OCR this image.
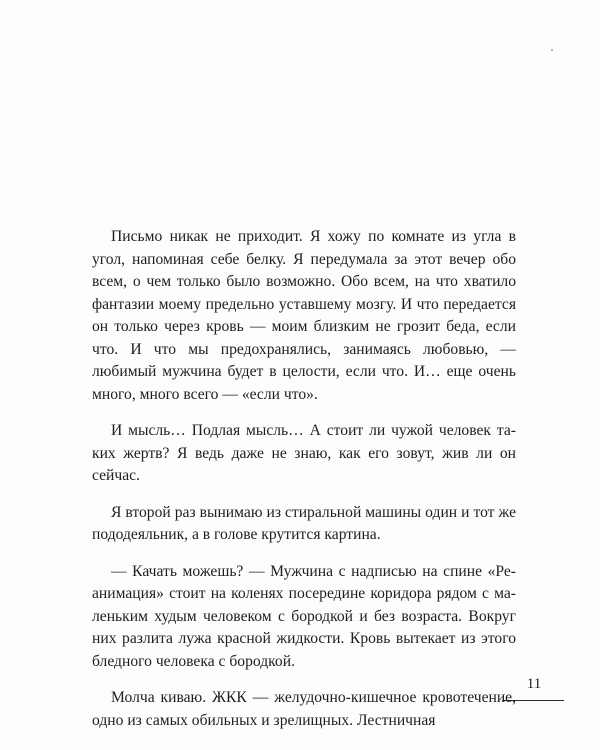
Письмо никак не приходит. Я хожу по комнате из угла в угол, напоминая себе белку. Я передумала за этот вечер обо всем, о чем только было возможно. Обо всем, на что хватило фантазии моему предельно уставшему мозгу. И что передается он только через кровь — моим близким не грозит беда, если что. И что мы предохранялись, занимаясь любовью, — любимый мужчина будет в целости, если что. И… еще очень много, много всего — «если что».

И мысль… Подлая мысль… А стоит ли чужой человек таких жертв? Я ведь даже не знаю, как его зовут, жив ли он сейчас.

Я второй раз вынимаю из стиральной машины один и тот же пододеяльник, а в голове крутится картина.

— Качать можешь? — Мужчина с надписью на спине «Реанимация» стоит на коленях посередине коридора рядом с маленьким худым человеком с бородкой и без возраста. Вокруг них разлита лужа красной жидкости. Кровь вытекает из этого бледного человека с бородкой.

Молча киваю. ЖКК — желудочно-кишечное кровотечение, одно из самых обильных и зрелищных. Лестничная

11
